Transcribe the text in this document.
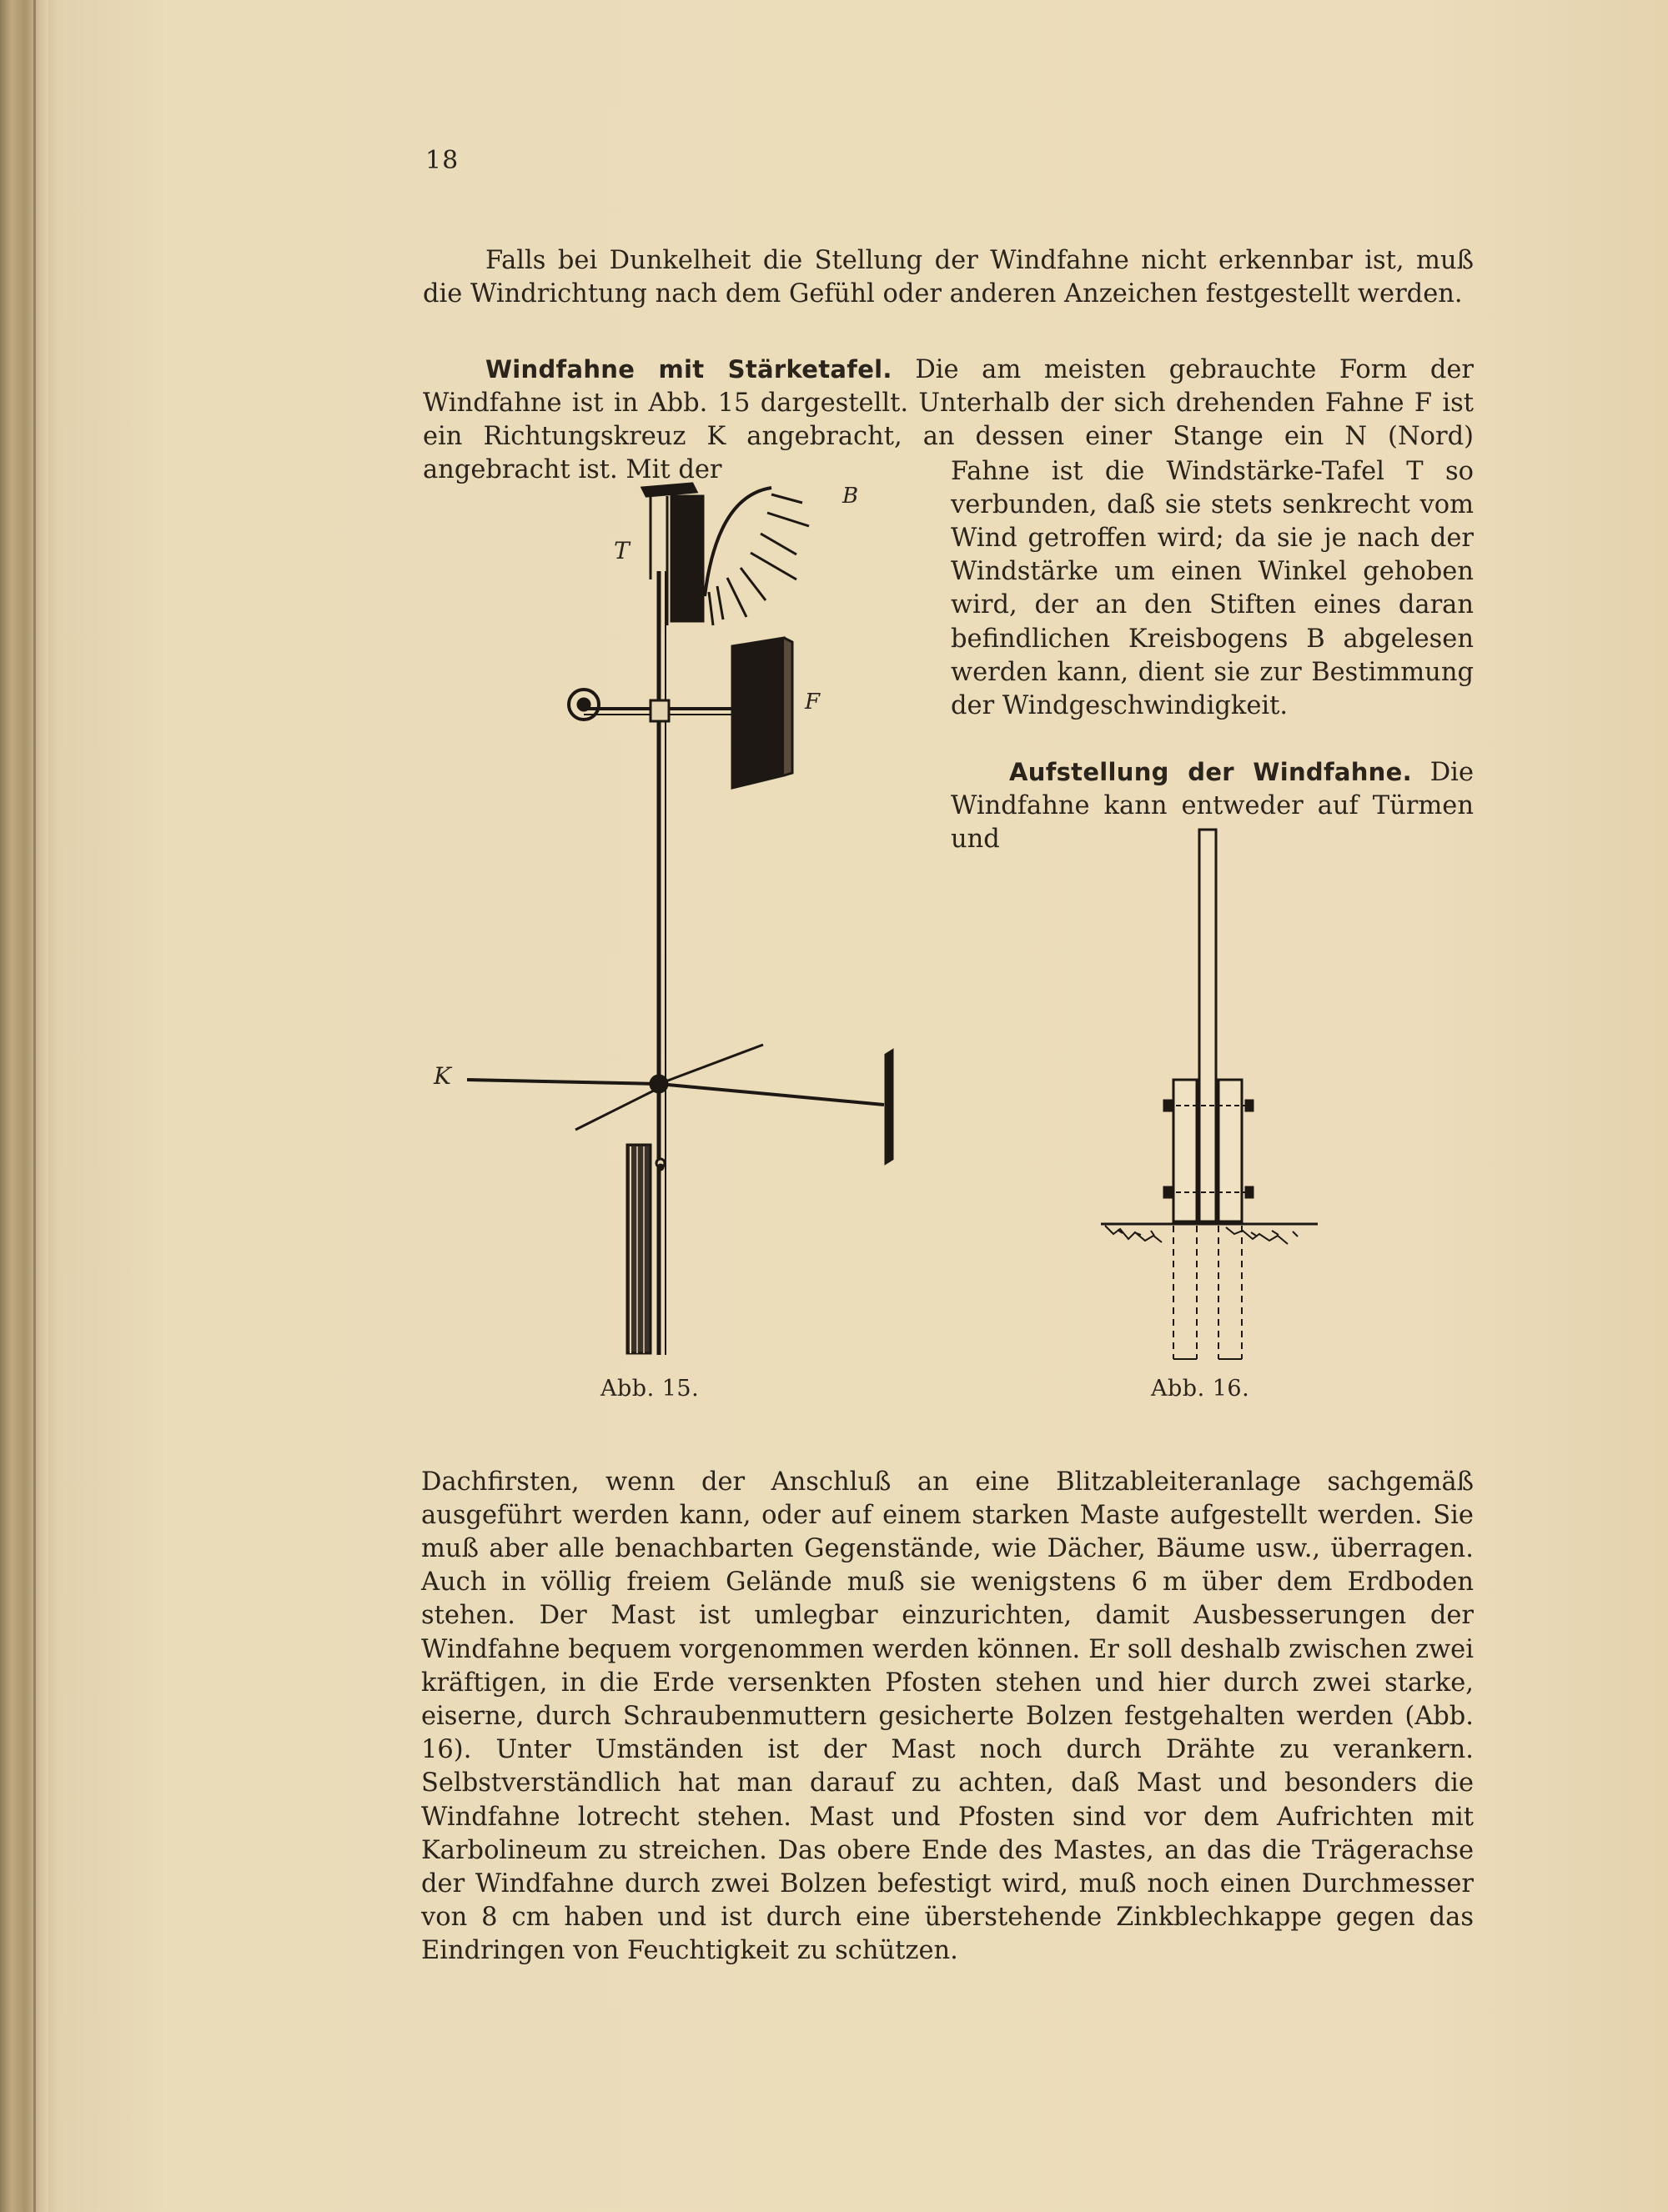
18

Falls bei Dunkelheit die Stellung der Windfahne nicht erkennbar ist, muß die Windrichtung nach dem Gefühl oder anderen Anzeichen festgestellt werden.

Windfahne mit Stärketafel. Die am meisten gebrauchte Form der Windfahne ist in Abb. 15 dargestellt. Unterhalb der sich drehenden Fahne F ist ein Richtungskreuz K angebracht, an dessen einer Stange ein N (Nord) angebracht ist. Mit der	Fahne ist die Windstärke-Tafel T so verbunden, daß sie stets senkrecht vom Wind getroffen wird; da sie je nach der Windstärke um einen Winkel gehoben wird, der an den Stiften eines daran befindlichen Kreisbogens B abgelesen werden kann, dient sie zur Bestimmung der Windgeschwindigkeit.

Aufstellung der Windfahne. Die Windfahne kann entweder auf Türmen und

T
B
F
K
Abb. 15.	Abb. 16.

Dachfirsten, wenn der Anschluß an eine Blitzableiteranlage sachgemäß ausgeführt werden kann, oder auf einem starken Maste aufgestellt werden. Sie muß aber alle benachbarten Gegenstände, wie Dächer, Bäume usw., überragen. Auch in völlig freiem Gelände muß sie wenigstens 6 m über dem Erdboden stehen. Der Mast ist umlegbar einzurichten, damit Ausbesserungen der Windfahne bequem vorgenommen werden können. Er soll deshalb zwischen zwei kräftigen, in die Erde versenkten Pfosten stehen und hier durch zwei starke, eiserne, durch Schraubenmuttern gesicherte Bolzen festgehalten werden (Abb. 16). Unter Umständen ist der Mast noch durch Drähte zu verankern. Selbstverständlich hat man darauf zu achten, daß Mast und besonders die Windfahne lotrecht stehen. Mast und Pfosten sind vor dem Aufrichten mit Karbolineum zu streichen. Das obere Ende des Mastes, an das die Trägerachse der Windfahne durch zwei Bolzen befestigt wird, muß noch einen Durchmesser von 8 cm haben und ist durch eine überstehende Zinkblechkappe gegen das Eindringen von Feuchtigkeit zu schützen.
